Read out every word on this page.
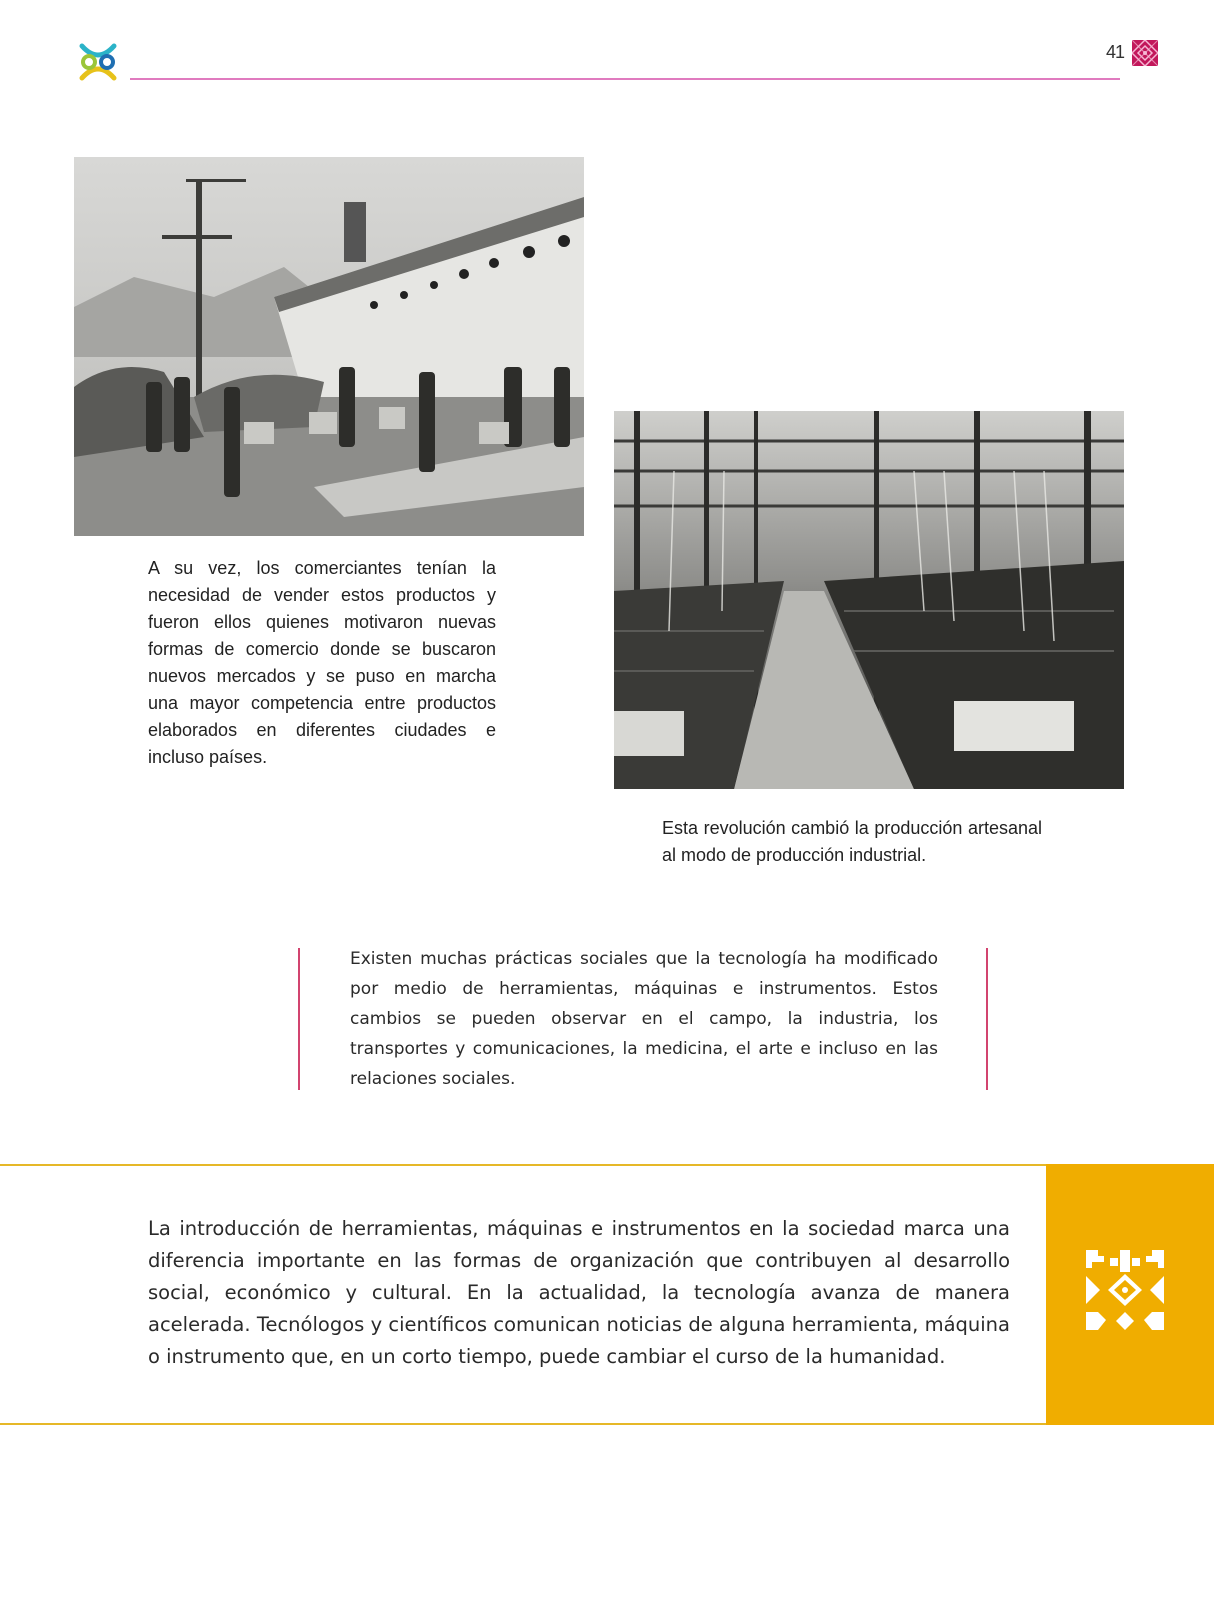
41
A su vez, los comerciantes tenían la necesidad de vender estos productos y fueron ellos quienes motivaron nuevas formas de comercio donde se buscaron nuevos mercados y se puso en marcha una mayor competencia entre productos elaborados en diferentes ciudades e incluso países.
Esta revolución cambió la producción artesanal al modo de producción industrial.
Existen muchas prácticas sociales que la tecnología ha modificado por medio de herramientas, máquinas e instrumentos. Estos cambios se pueden observar en el campo, la industria, los transportes y comunicaciones, la medicina, el arte e incluso en las relaciones sociales.
La introducción de herramientas, máquinas e instrumentos en la sociedad marca una diferencia importante en las formas de organización que contribuyen al desarrollo social, económico y cultural. En la actualidad, la tecnología avanza de manera acelerada. Tecnólogos y científicos comunican noticias de alguna herramienta, máquina o instrumento que, en un corto tiempo, puede cambiar el curso de la humanidad.
